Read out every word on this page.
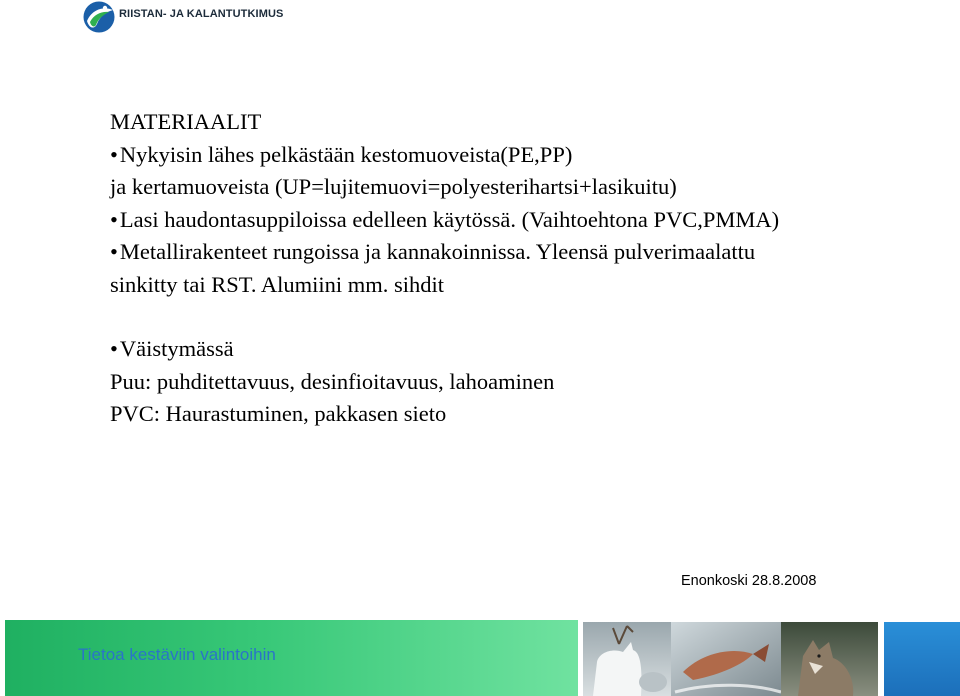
RIISTAN- JA KALANTUTKIMUS
MATERIAALIT
•Nykyisin lähes pelkästään kestomuoveista(PE,PP)
ja kertamuoveista (UP=lujitemuovi=polyesterihartsi+lasikuitu)
•Lasi haudontasuppiloissa edelleen käytössä. (Vaihtoehtona PVC,PMMA)
•Metallirakenteet rungoissa ja kannakoinnissa. Yleensä pulverimaalattu
sinkitty tai RST. Alumiini mm. sihdit
•Väistymässä
Puu: puhditettavuus, desinfioitavuus, lahoaminen
PVC: Haurastuminen, pakkasen sieto
Enonkoski 28.8.2008
Tietoa kestäviin valintoihin
